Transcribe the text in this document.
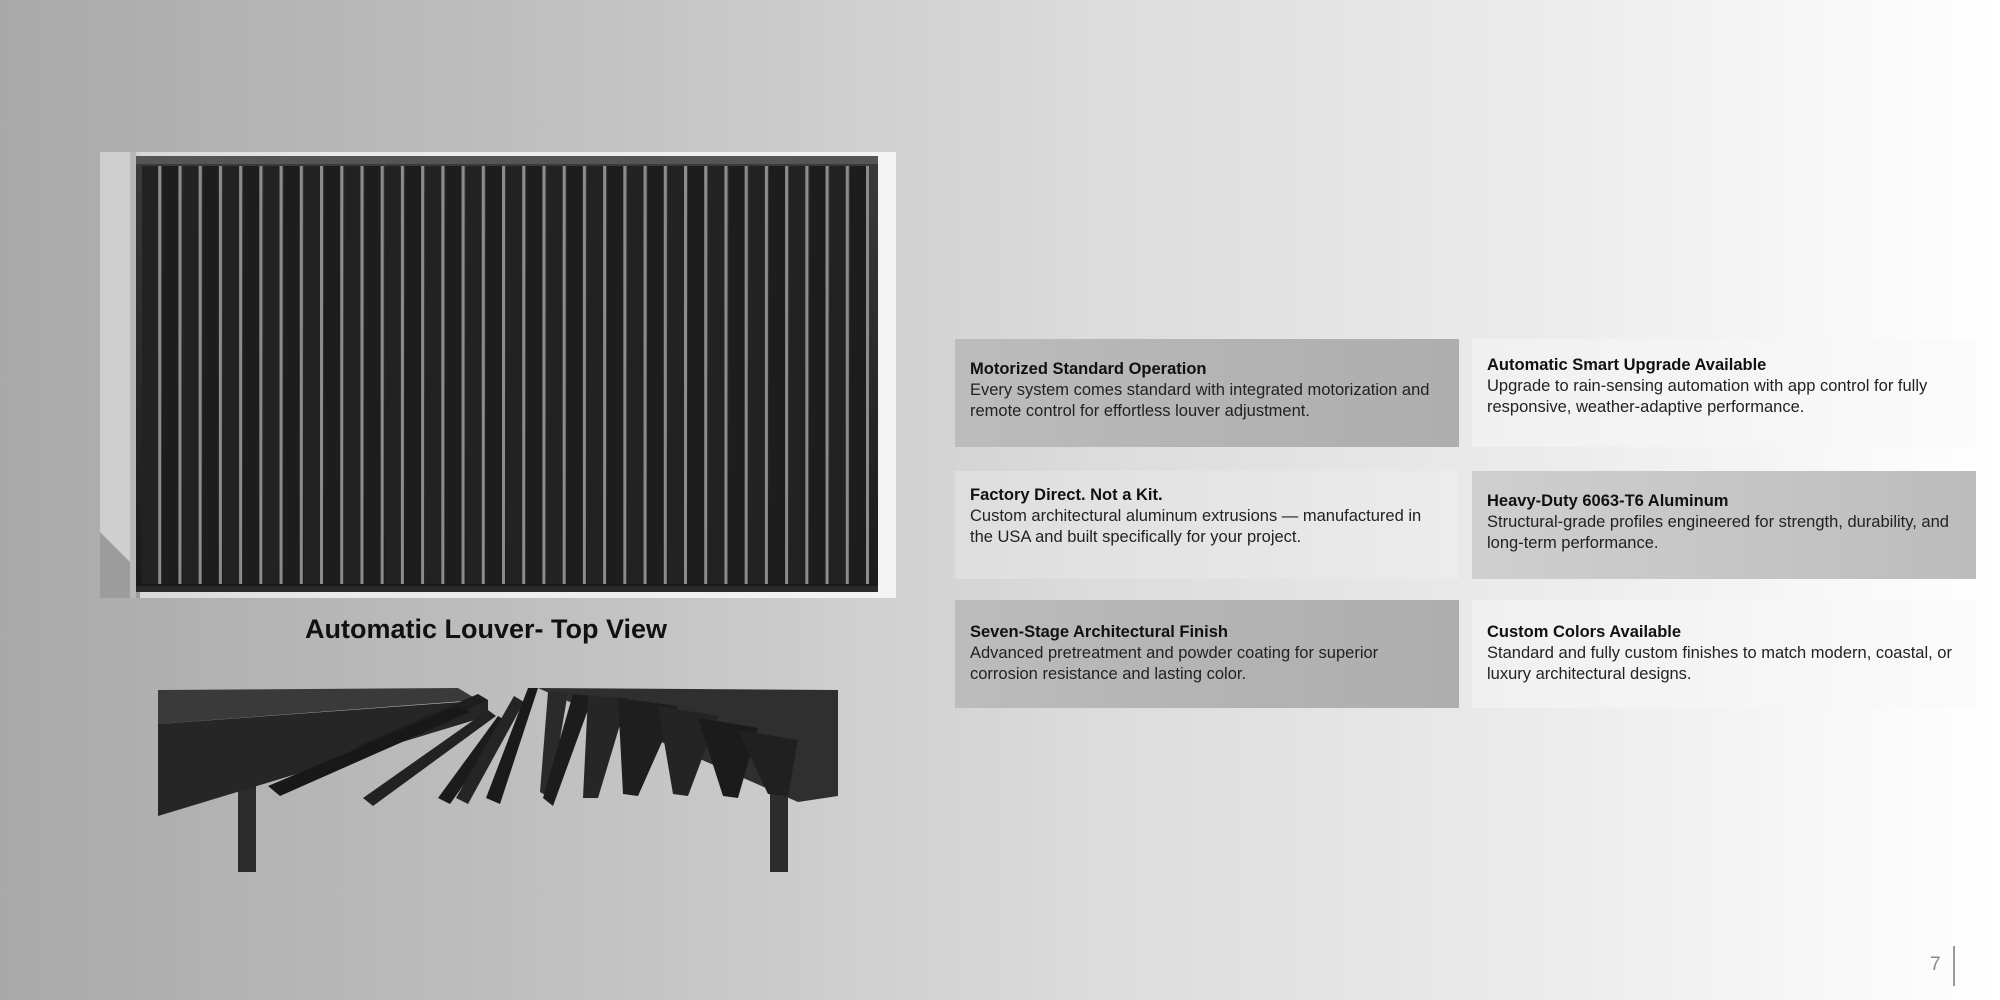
Automatic Louver- Top View
Motorized Standard Operation
Every system comes standard with integrated motorization and remote control for effortless louver adjustment.
Automatic Smart Upgrade Available
Upgrade to rain-sensing automation with app control for fully responsive, weather-adaptive performance.
Factory Direct. Not a Kit.
Custom architectural aluminum extrusions — manufactured in the USA and built specifically for your project.
Heavy-Duty 6063-T6 Aluminum
Structural-grade profiles engineered for strength, durability, and long-term performance.
Seven-Stage Architectural Finish
Advanced pretreatment and powder coating for superior corrosion resistance and lasting color.
Custom Colors Available
Standard and fully custom finishes to match modern, coastal, or luxury architectural designs.
7
